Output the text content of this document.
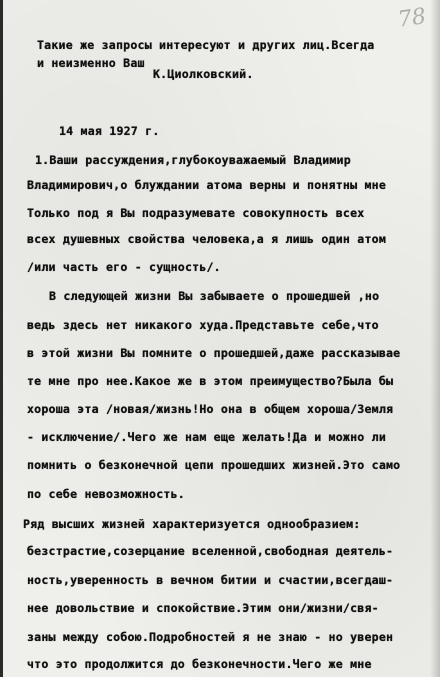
78
Такие же запросы интересуют и других лиц.Всегда
и неизменно Ваш
К.Циолковский.
14 мая 1927 г.
1.Ваши рассуждения,глубокоуважаемый Владимир
Владимирович,о блуждании атома верны и понятны мне
Только под я Вы подразумевате совокупность всех
всех душевных свойства человека,а я лишь один атом
/или часть его - сущность/.
В следующей жизни Вы забываете о прошедшей ,но
ведь здесь нет никакого худа.Представьте себе,что
в этой жизни Вы помните о прошедшей,даже рассказывае
те мне про нее.Какое же в этом преимущество?Была бы
хороша эта /новая/жизнь!Но она в общем хороша/Земля
- исключение/.Чего же нам еще желать!Да и можно ли
помнить о безконечной цепи прошедших жизней.Это само
по себе невозможность.
Ряд высших жизней характеризуется однообразием:
безстрастие,созерцание вселенной,свободная деятель-
ность,уверенность в вечном битии и счастии,всегдаш-
нее довольствие и спокойствие.Этим они/жизни/свя-
заны между собою.Подробностей я не знаю - но уверен
что это продолжится до безконечности.Чего же мне
